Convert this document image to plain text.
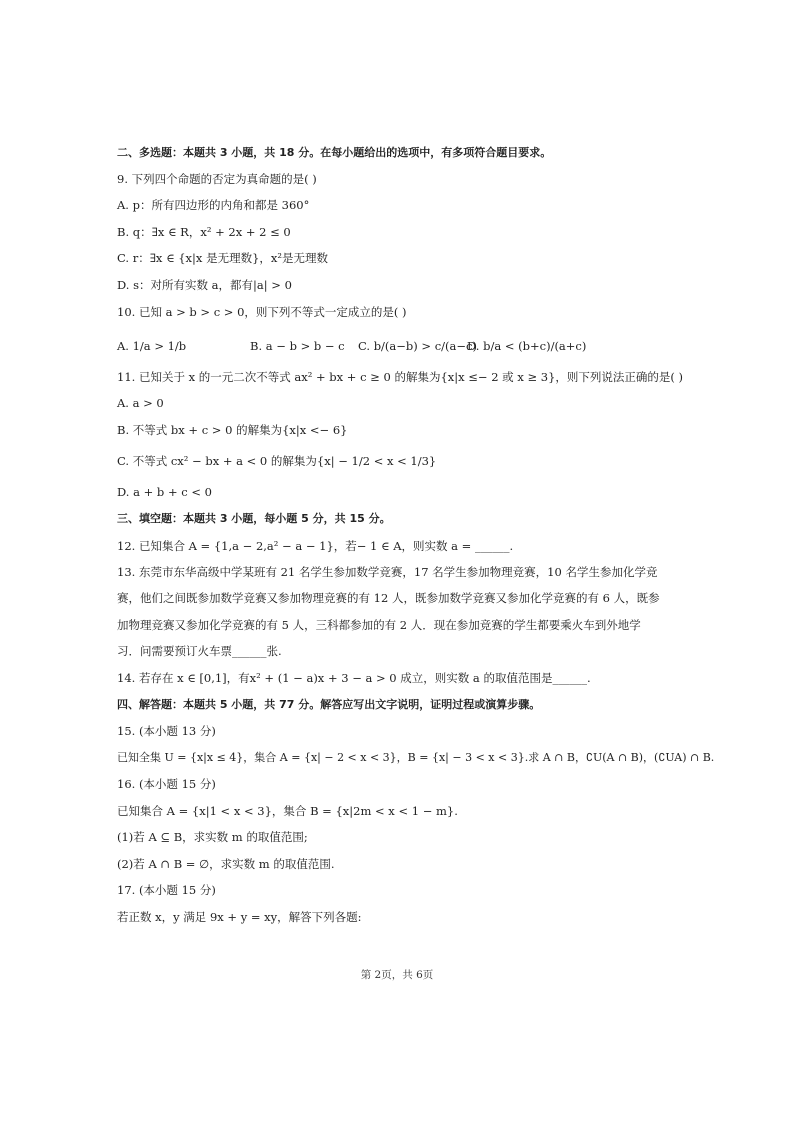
二、多选题：本题共 3 小题，共 18 分。在每小题给出的选项中，有多项符合题目要求。
9. 下列四个命题的否定为真命题的是( )
A. p：所有四边形的内角和都是 360°
B. q：∃x ∈ R，x² + 2x + 2 ≤ 0
C. r：∃x ∈ {x|x 是无理数}，x²是无理数
D. s：对所有实数 a，都有|a| > 0
10. 已知 a > b > c > 0，则下列不等式一定成立的是( )
A. 1/a > 1/b	B. a − b > b − c C. b/(a−b) > c/(a−c)
D. b/a < (b+c)/(a+c)
11. 已知关于 x 的一元二次不等式 ax² + bx + c ≥ 0 的解集为{x|x ≤− 2 或 x ≥ 3}，则下列说法正确的是( )
A. a > 0
B. 不等式 bx + c > 0 的解集为{x|x <− 6}
C. 不等式 cx² − bx + a < 0 的解集为{x| − 1/2 < x < 1/3}
D. a + b + c < 0
三、填空题：本题共 3 小题，每小题 5 分，共 15 分。
12. 已知集合 A = {1,a − 2,a² − a − 1}，若− 1 ∈ A，则实数 a = ______.
13. 东莞市东华高级中学某班有 21 名学生参加数学竞赛，17 名学生参加物理竞赛，10 名学生参加化学竞
赛，他们之间既参加数学竞赛又参加物理竞赛的有 12 人，既参加数学竞赛又参加化学竞赛的有 6 人，既参
加物理竞赛又参加化学竞赛的有 5 人，三科都参加的有 2 人．现在参加竞赛的学生都要乘火车到外地学
习．问需要预订火车票______张.
14. 若存在 x ∈ [0,1]，有x² + (1 − a)x + 3 − a > 0 成立，则实数 a 的取值范围是______.
四、解答题：本题共 5 小题，共 77 分。解答应写出文字说明，证明过程或演算步骤。
15. (本小题 13 分)
已知全集 U = {x|x ≤ 4}，集合 A = {x| − 2 < x < 3}，B = {x| − 3 < x < 3}.求 A ∩ B，∁U(A ∩ B)，(∁UA) ∩ B.
16. (本小题 15 分)
已知集合 A = {x|1 < x < 3}，集合 B = {x|2m < x < 1 − m}.
(1)若 A ⊆ B，求实数 m 的取值范围;
(2)若 A ∩ B = ∅，求实数 m 的取值范围.
17. (本小题 15 分)
若正数 x，y 满足 9x + y = xy，解答下列各题:
第 2页，共 6页
